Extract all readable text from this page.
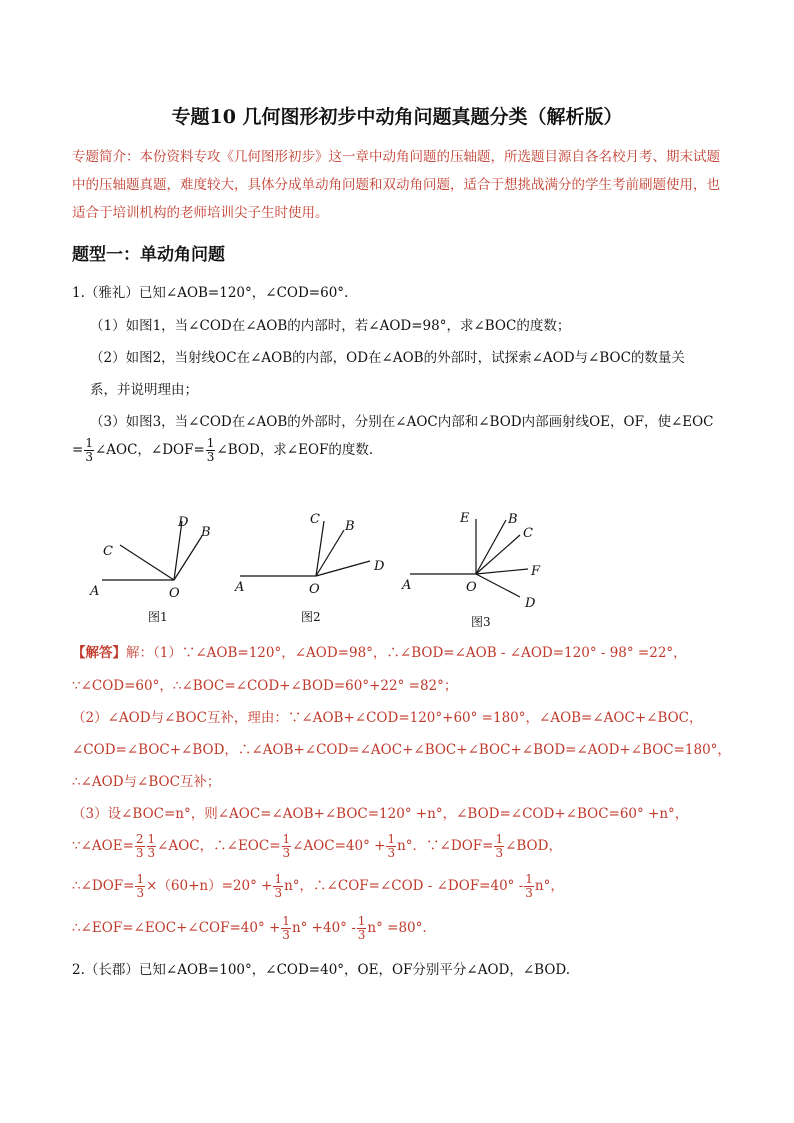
专题10 几何图形初步中动角问题真题分类（解析版）
专题简介：本份资料专攻《几何图形初步》这一章中动角问题的压轴题，所选题目源自各名校月考、期末试题中的压轴题真题，难度较大，具体分成单动角问题和双动角问题，适合于想挑战满分的学生考前刷题使用，也适合于培训机构的老师培训尖子生时使用。
题型一：单动角问题
1.（雅礼）已知∠AOB=120°，∠COD=60°.
（1）如图1，当∠COD在∠AOB的内部时，若∠AOD=98°，求∠BOC的度数；
（2）如图2，当射线OC在∠AOB的内部，OD在∠AOB的外部时，试探索∠AOD与∠BOC的数量关
系，并说明理由；
（3）如图3，当∠COD在∠AOB的外部时，分别在∠AOC内部和∠BOD内部画射线OE，OF，使∠EOC
= $\frac{1}{3}$ ∠AOC，∠DOF= $\frac{1}{3}$ ∠BOD，求∠EOF的度数.
A	O
C
D
B
图1
A	O
C B
D
图2
A	O
E	B
C
F
D
图3
【解答】解：（1）∵∠AOB=120°，∠AOD=98°，∴∠BOD=∠AOB - ∠AOD=120° - 98° =22°，
∵∠COD=60°，∴∠BOC=∠COD+∠BOD=60°+22° =82°；
（2）∠AOD与∠BOC互补，理由：∵∠AOB+∠COD=120°+60° =180°，∠AOB=∠AOC+∠BOC，
∠COD=∠BOC+∠BOD，∴∠AOB+∠COD=∠AOC+∠BOC+∠BOC+∠BOD=∠AOD+∠BOC=180°，
∴∠AOD与∠BOC互补；
（3）设∠BOC=n°，则∠AOC=∠AOB+∠BOC=120° +n°，∠BOD=∠COD+∠BOC=60° +n°，
∵∠AOE= $\frac{2}{3} \frac{1}{3}$ ∠AOC，∴∠EOC= $\frac{1}{3}$ ∠AOC=40° + $\frac{1}{3} n^\circ$．∵∠DOF= $\frac{1}{3}$ ∠BOD，
∴∠DOF= $\frac{1}{3} \times(60+n)=20^\circ + \frac{1}{3} n^\circ$，∴∠COF=∠COD - ∠DOF=40° - $\frac{1}{3} n^\circ$，
∴∠EOF=∠EOC+∠COF=40° + $\frac{1}{3} n^\circ +40^\circ - \frac{1}{3} n^\circ =80^\circ$.
2.（长郡）已知∠AOB=100°，∠COD=40°，OE，OF分别平分∠AOD，∠BOD.
